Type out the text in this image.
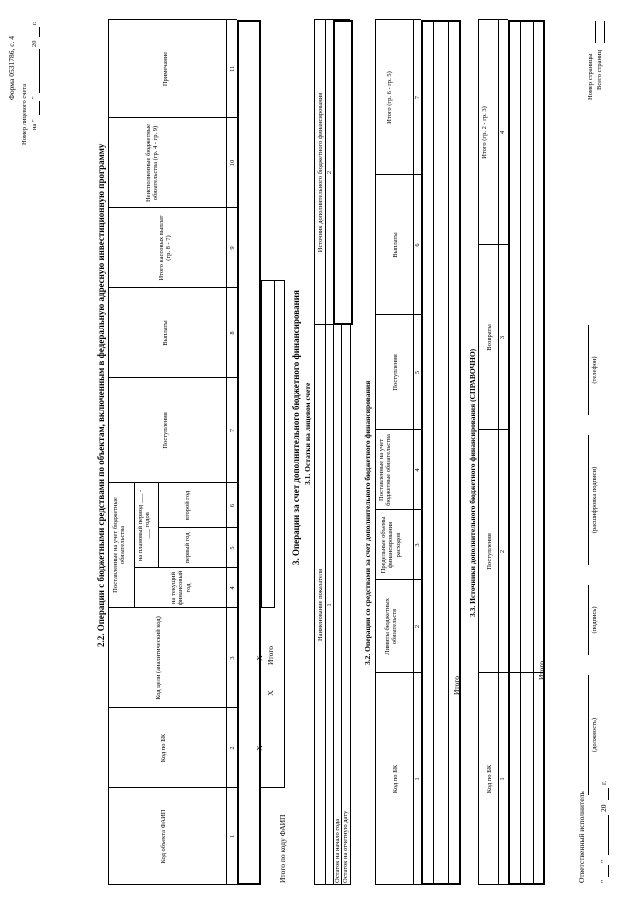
Форма 0531786, с. 4
Номер лицевого счета на "
"
20
г.
2.2. Операции с бюджетными средствами по объектам, включенным в федеральную адресную инвестиционную программу
Код объекта ФАИП
Код по БК
Код цели (аналитический код)
Поставленные на учет бюджетные обязательства
на текущий финансовый год
на плановый период ___ - ___ годов
первый год
второй год
Поступления
Выплаты
Итого кассовых выплат (гр. 8 - 7)
Неисполненные бюджетные обязательства (гр. 4 - гр. 9)
Примечание
1
2
3
4
5
6
7
8
9
10
11
X
X Итого
X
Итого по коду ФАИП
3. Операции за счет дополнительного бюджетного финансирования 3.1. Остатки на лицевом счете
Наименование показателя
Источник дополнительного бюджетного финансирования
1
2
Остаток на начало года Остаток на отчетную дату
3.2. Операции со средствами за счет дополнительного бюджетного финансирования
Код по БК
Лимиты бюджетных обязательств
Предельные объемы финансирования расходов
Поставленные на учет бюджетные обязательства
Поступления
Выплаты
Итого (гр. 6 - гр. 5)
1
2
3
4
5
6
7
Итого
3.3. Источники дополнительного бюджетного финансирования (СПРАВОЧНО)
Код по БК
Поступления
Возвраты
Итого (гр. 2 - гр. 3)
1
2
3
4
Итого
Ответственный исполнитель
(должность)
(подпись)
(расшифровка подписи)
(телефон)
"
"
20
г.
Номер страницы Всего страниц
